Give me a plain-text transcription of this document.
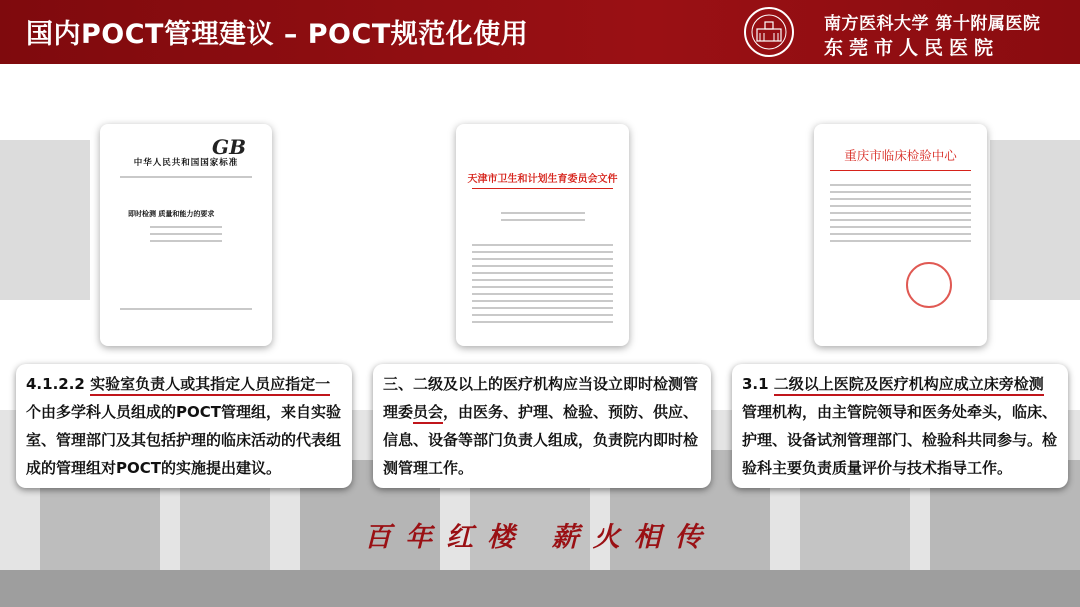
国内POCT管理建议 – POCT规范化使用	南方医科大学 第十附属医院
东莞市人民医院
GB
中华人民共和国国家标准
即时检测 质量和能力的要求
天津市卫生和计划生育委员会文件
重庆市临床检验中心

4.1.2.2 实验室负责人或其指定人员应指定一个由多学科人员组成的POCT管理组，来自实验室、管理部门及其包括护理的临床活动的代表组成的管理组对POCT的实施提出建议。

三、二级及以上的医疗机构应当设立即时检测管理委员会，由医务、护理、检验、预防、供应、信息、设备等部门负责人组成，负责院内即时检测管理工作。

3.1 二级以上医院及医疗机构应成立床旁检测管理机构，由主管院领导和医务处牵头，临床、护理、设备试剂管理部门、检验科共同参与。检验科主要负责质量评价与技术指导工作。

百年红楼 薪火相传
